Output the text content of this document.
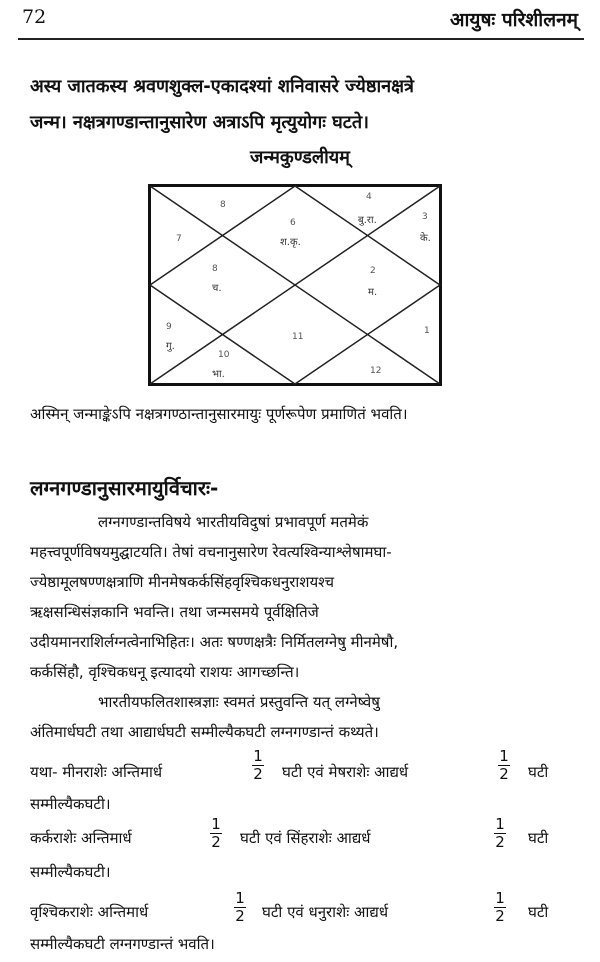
72	आयुषः परिशीलनम्
अस्य जातकस्य श्रवणशुक्ल-एकादश्यां शनिवासरे ज्येष्ठानक्षत्रे
जन्म। नक्षत्रगण्डान्तानुसारेण अत्राऽपि मृत्युयोगः घटते।
जन्मकुण्डलीयम्
8
6
श.कृ.
4
बु.रा.	3
के.
7
8
च.
2
म.
9
गु.
11
1
10
भा.	12
अस्मिन् जन्माङ्केऽपि नक्षत्रगण्ठान्तानुसारमायुः पूर्णरूपेण प्रमाणितं भवति।
लग्नगण्डानुसारमायुर्विचारः-
लग्नगण्डान्तविषये भारतीयविदुषां प्रभावपूर्ण मतमेकं
महत्त्वपूर्णविषयमुद्घाटयति। तेषां वचनानुसारेण रेवत्यश्विन्याश्लेषामघा-
ज्येष्ठामूलषण्णक्षत्राणि मीनमेषकर्कसिंहवृश्चिकधनुराशयश्च
ऋक्षसन्धिसंज्ञकानि भवन्ति। तथा जन्मसमये पूर्वक्षितिजे
उदीयमानराशिर्लग्नत्वेनाभिहितः। अतः षण्णक्षत्रैः निर्मितलग्नेषु मीनमेषौ,
कर्कसिंहौ, वृश्चिकधनू इत्यादयो राशयः आगच्छन्ति।
भारतीयफलितशास्त्रज्ञाः स्वमतं प्रस्तुवन्ति यत् लग्नेष्वेषु
अंतिमार्धघटी तथा आद्यार्धघटी सम्मील्यैकघटी लग्नगण्डान्तं कथ्यते।
यथा- मीनराशेः अन्तिमार्ध	$\frac{1}{2}$ घटी एवं मेषराशेः आद्यर्ध	$\frac{1}{2}$ घटी
सम्मील्यैकघटी।
कर्कराशेः अन्तिमार्ध	$\frac{1}{2}$ घटी एवं सिंहराशेः आद्यर्ध	$\frac{1}{2}$ घटी
सम्मील्यैकघटी।
वृश्चिकराशेः अन्तिमार्ध	$\frac{1}{2}$ घटी एवं धनुराशेः आद्यर्ध	$\frac{1}{2}$ घटी
सम्मील्यैकघटी लग्नगण्डान्तं भवति।
